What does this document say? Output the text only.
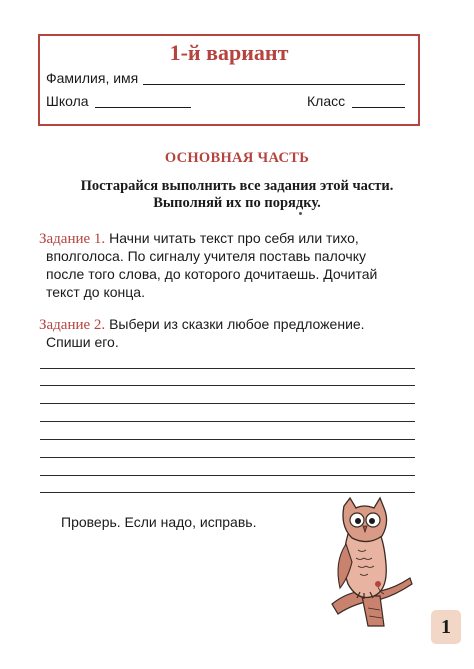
1-й вариант
Фамилия, имя
Школа	Класс
ОСНОВНАЯ ЧАСТЬ
Постарайся выполнить все задания этой части.
Выполняй их по порядку.
Задание 1. Начни читать текст про себя или тихо,
вполголоса. По сигналу учителя поставь палочку
после того слова, до которого дочитаешь. Дочитай
текст до конца.
Задание 2. Выбери из сказки любое предложение.
Спиши его.
Проверь. Если надо, исправь.
1
